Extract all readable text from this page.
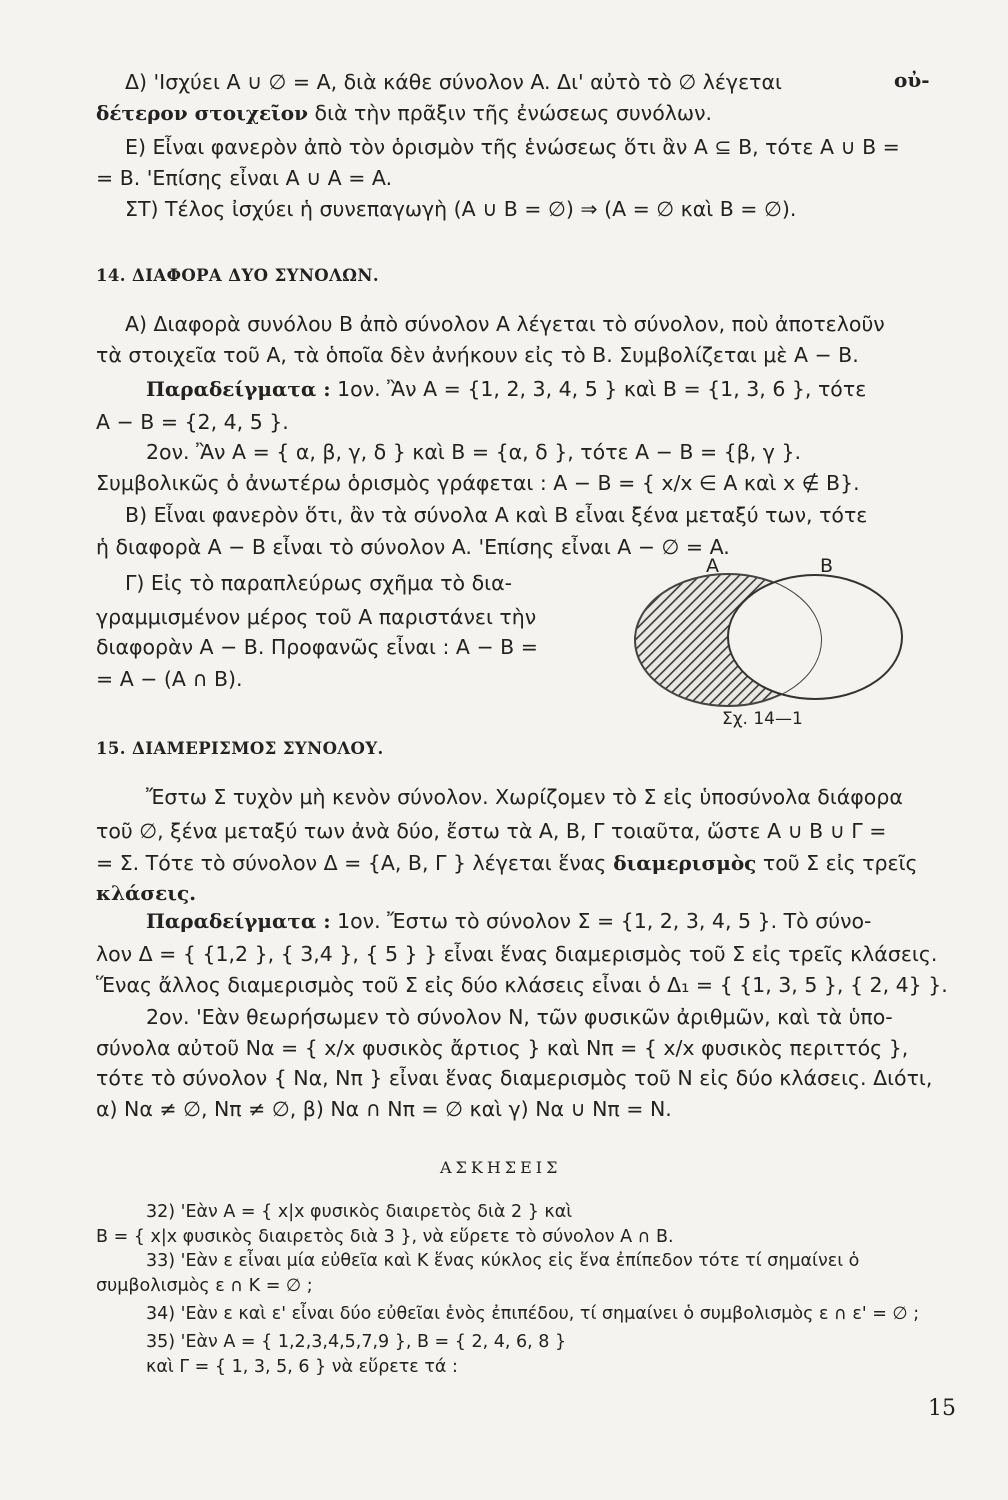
Δ) 'Ισχύει A ∪ ∅ = A, διὰ κάθε σύνολον A. Δι' αὐτὸ τὸ ∅ λέγεται	οὐ-
δέτερον στοιχεῖον διὰ τὴν πρᾶξιν τῆς ἐνώσεως συνόλων.
E) Εἶναι φανερὸν ἀπὸ τὸν ὁρισμὸν τῆς ἑνώσεως ὅτι ἂν A ⊆ B, τότε A ∪ B =
= B. 'Επίσης εἶναι A ∪ A = A.
ΣΤ) Τέλος ἰσχύει ἡ συνεπαγωγὴ (A ∪ B = ∅) ⇒ (A = ∅ καὶ B = ∅).
14. ΔΙΑΦΟΡΑ ΔΥΟ ΣΥΝΟΛΩΝ.
A) Διαφορὰ συνόλου B ἀπὸ σύνολον A λέγεται τὸ σύνολον, ποὺ ἀποτελοῦν
τὰ στοιχεῖα τοῦ A, τὰ ὁποῖα δὲν ἀνήκουν εἰς τὸ B. Συμβολίζεται μὲ A − B.
Παραδείγματα : 1ον. Ἂν A = {1, 2, 3, 4, 5 } καὶ B = {1, 3, 6 }, τότε
A − B = {2, 4, 5 }.
2ον. Ἂν A = { α, β, γ, δ } καὶ B = {α, δ }, τότε A − B = {β, γ }.
Συμβολικῶς ὁ ἀνωτέρω ὁρισμὸς γράφεται : A − B = { x/x ∈ A καὶ x ∉ B}.
B) Εἶναι φανερὸν ὅτι, ἂν τὰ σύνολα A καὶ B εἶναι ξένα μεταξύ των, τότε
ἡ διαφορὰ A − B εἶναι τὸ σύνολον A. 'Επίσης εἶναι A − ∅ = A.
Γ) Εἰς τὸ παραπλεύρως σχῆμα τὸ δια-
γραμμισμένον μέρος τοῦ A παριστάνει τὴν
διαφορὰν A − B. Προφανῶς εἶναι : A − B =
= A − (A ∩ B).
A	B
Σχ. 14—1
15. ΔΙΑΜΕΡΙΣΜΟΣ ΣΥΝΟΛΟΥ.
Ἔστω Σ τυχὸν μὴ κενὸν σύνολον. Χωρίζομεν τὸ Σ εἰς ὑποσύνολα διάφορα
τοῦ ∅, ξένα μεταξύ των ἀνὰ δύο, ἔστω τὰ A, B, Γ τοιαῦτα, ὥστε A ∪ B ∪ Γ =
= Σ. Τότε τὸ σύνολον Δ = {A, B, Γ } λέγεται ἕνας διαμερισμὸς τοῦ Σ εἰς τρεῖς
κλάσεις.
Παραδείγματα : 1ον. Ἔστω τὸ σύνολον Σ = {1, 2, 3, 4, 5 }. Τὸ σύνο-
λον Δ = { {1,2 }, { 3,4 }, { 5 } } εἶναι ἕνας διαμερισμὸς τοῦ Σ εἰς τρεῖς κλάσεις.
Ἕνας ἄλλος διαμερισμὸς τοῦ Σ εἰς δύο κλάσεις εἶναι ὁ Δ₁ = { {1, 3, 5 }, { 2, 4} }.
2ον. 'Εὰν θεωρήσωμεν τὸ σύνολον N, τῶν φυσικῶν ἀριθμῶν, καὶ τὰ ὑπο-
σύνολα αὐτοῦ Nα = { x/x φυσικὸς ἄρτιος } καὶ Nπ = { x/x φυσικὸς περιττός },
τότε τὸ σύνολον { Nα, Nπ } εἶναι ἕνας διαμερισμὸς τοῦ N εἰς δύο κλάσεις. Διότι,
α) Nα ≠ ∅, Nπ ≠ ∅, β) Nα ∩ Nπ = ∅ καὶ γ) Nα ∪ Nπ = N.
ΑΣΚΗΣΕΙΣ
32) 'Εὰν A = { x|x φυσικὸς διαιρετὸς διὰ 2 } καὶ
B = { x|x φυσικὸς διαιρετὸς διὰ 3 }, νὰ εὕρετε τὸ σύνολον A ∩ B.
33) 'Εὰν ε εἶναι μία εὐθεῖα καὶ K ἕνας κύκλος εἰς ἕνα ἐπίπεδον τότε τί σημαίνει ὁ
συμβολισμὸς ε ∩ K = ∅ ;
34) 'Εὰν ε καὶ ε' εἶναι δύο εὐθεῖαι ἑνὸς ἐπιπέδου, τί σημαίνει ὁ συμβολισμὸς ε ∩ ε' = ∅ ;
35) 'Εὰν A = { 1,2,3,4,5,7,9 }, B = { 2, 4, 6, 8 }
καὶ Γ = { 1, 3, 5, 6 } νὰ εὕρετε τά :
15
